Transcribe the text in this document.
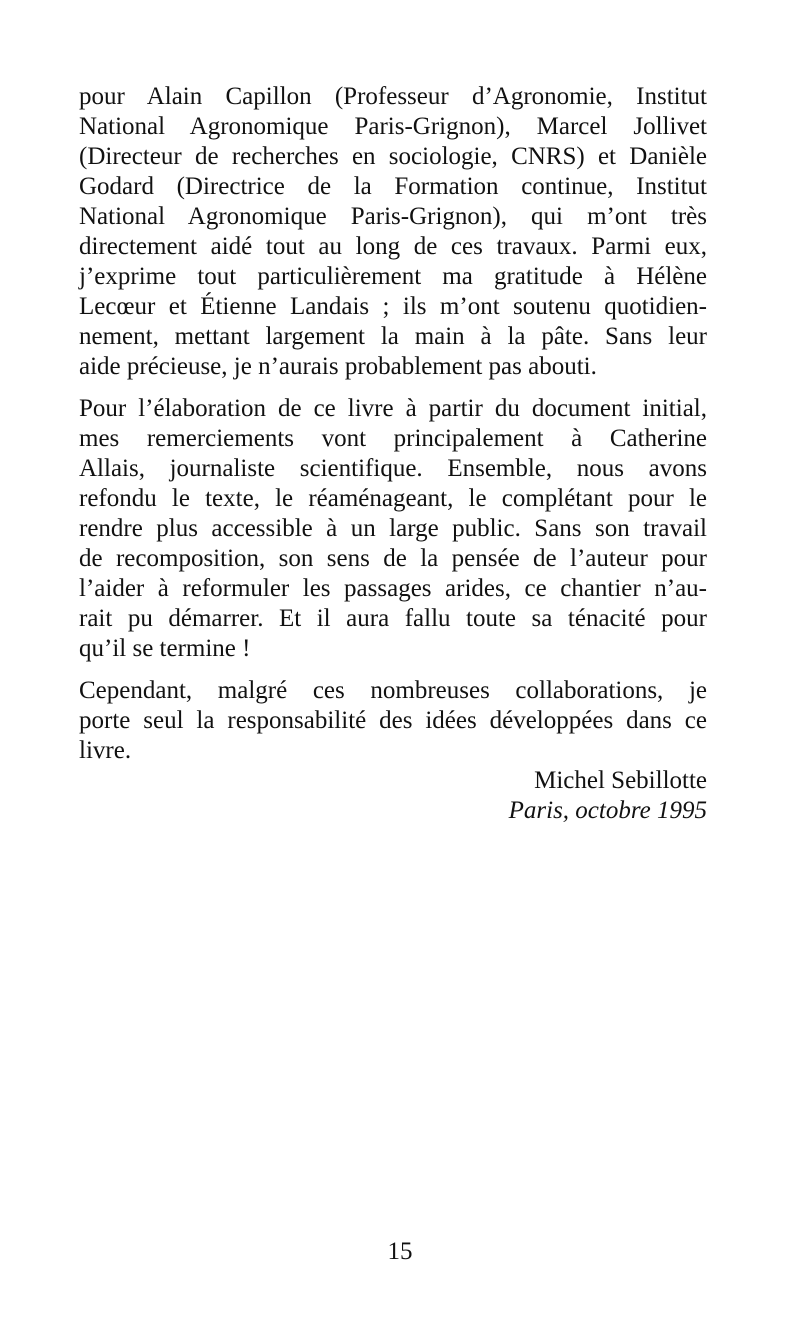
pour Alain Capillon (Professeur d’Agronomie, Institut
National Agronomique Paris-Grignon), Marcel Jollivet
(Directeur de recherches en sociologie, CNRS) et Danièle
Godard (Directrice de la Formation continue, Institut
National Agronomique Paris-Grignon), qui m’ont très
directement aidé tout au long de ces travaux. Parmi eux,
j’exprime tout particulièrement ma gratitude à Hélène
Lecœur et Étienne Landais ; ils m’ont soutenu quotidien-
nement, mettant largement la main à la pâte. Sans leur
aide précieuse, je n’aurais probablement pas abouti.

Pour l’élaboration de ce livre à partir du document initial,
mes remerciements vont principalement à Catherine
Allais, journaliste scientifique. Ensemble, nous avons
refondu le texte, le réaménageant, le complétant pour le
rendre plus accessible à un large public. Sans son travail
de recomposition, son sens de la pensée de l’auteur pour
l’aider à reformuler les passages arides, ce chantier n’au-
rait pu démarrer. Et il aura fallu toute sa ténacité pour
qu’il se termine !

Cependant, malgré ces nombreuses collaborations, je
porte seul la responsabilité des idées développées dans ce
livre.

Michel Sebillotte
Paris, octobre 1995
15
